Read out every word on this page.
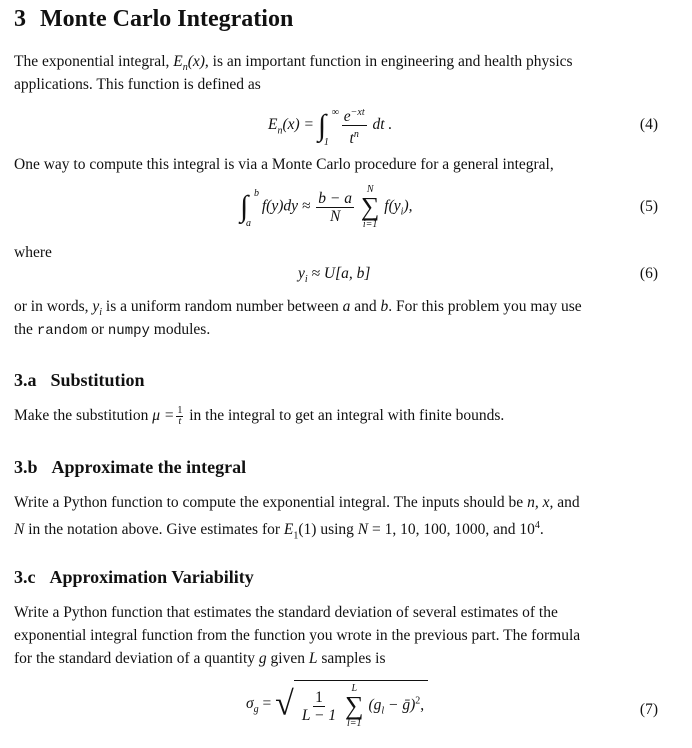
3 Monte Carlo Integration
The exponential integral, $E_n(x)$, is an important function in engineering and health physics
applications. This function is defined as
$E_n(x)$ = ∫ ∞
1
$\frac{e^{-xt}}{t^n}$ dt .	(4)
One way to compute this integral is via a Monte Carlo procedure for a general integral,
∫ b
a
$f(y)dy \approx \frac{b - a}{N}$
N
∑
i=1
$f(y_i)$,	(5)
where
$y_i \approx U[a$, b]	(6)
or in words, $y_i$ is a uniform random number between a and b. For this problem you may use
the random or numpy modules.
3.a Substitution
Make the substitution $\mu = \frac{1}{t}$ in the integral to get an integral with finite bounds.
3.b Approximate the integral
Write a Python function to compute the exponential integral. The inputs should be n, x, and
N in the notation above. Give estimates for $E_1(1)$ using N = 1, 10, 100, 1000, and $10^4$.
3.c Approximation Variability
Write a Python function that estimates the standard deviation of several estimates of the
exponential integral function from the function you wrote in the previous part. The formula
for the standard deviation of a quantity g given L samples is
$\sigma_g$ = √ $\frac{1}{L - 1}$
L
∑
l=1
($g_l$ − ḡ)$^2$,	(7)
